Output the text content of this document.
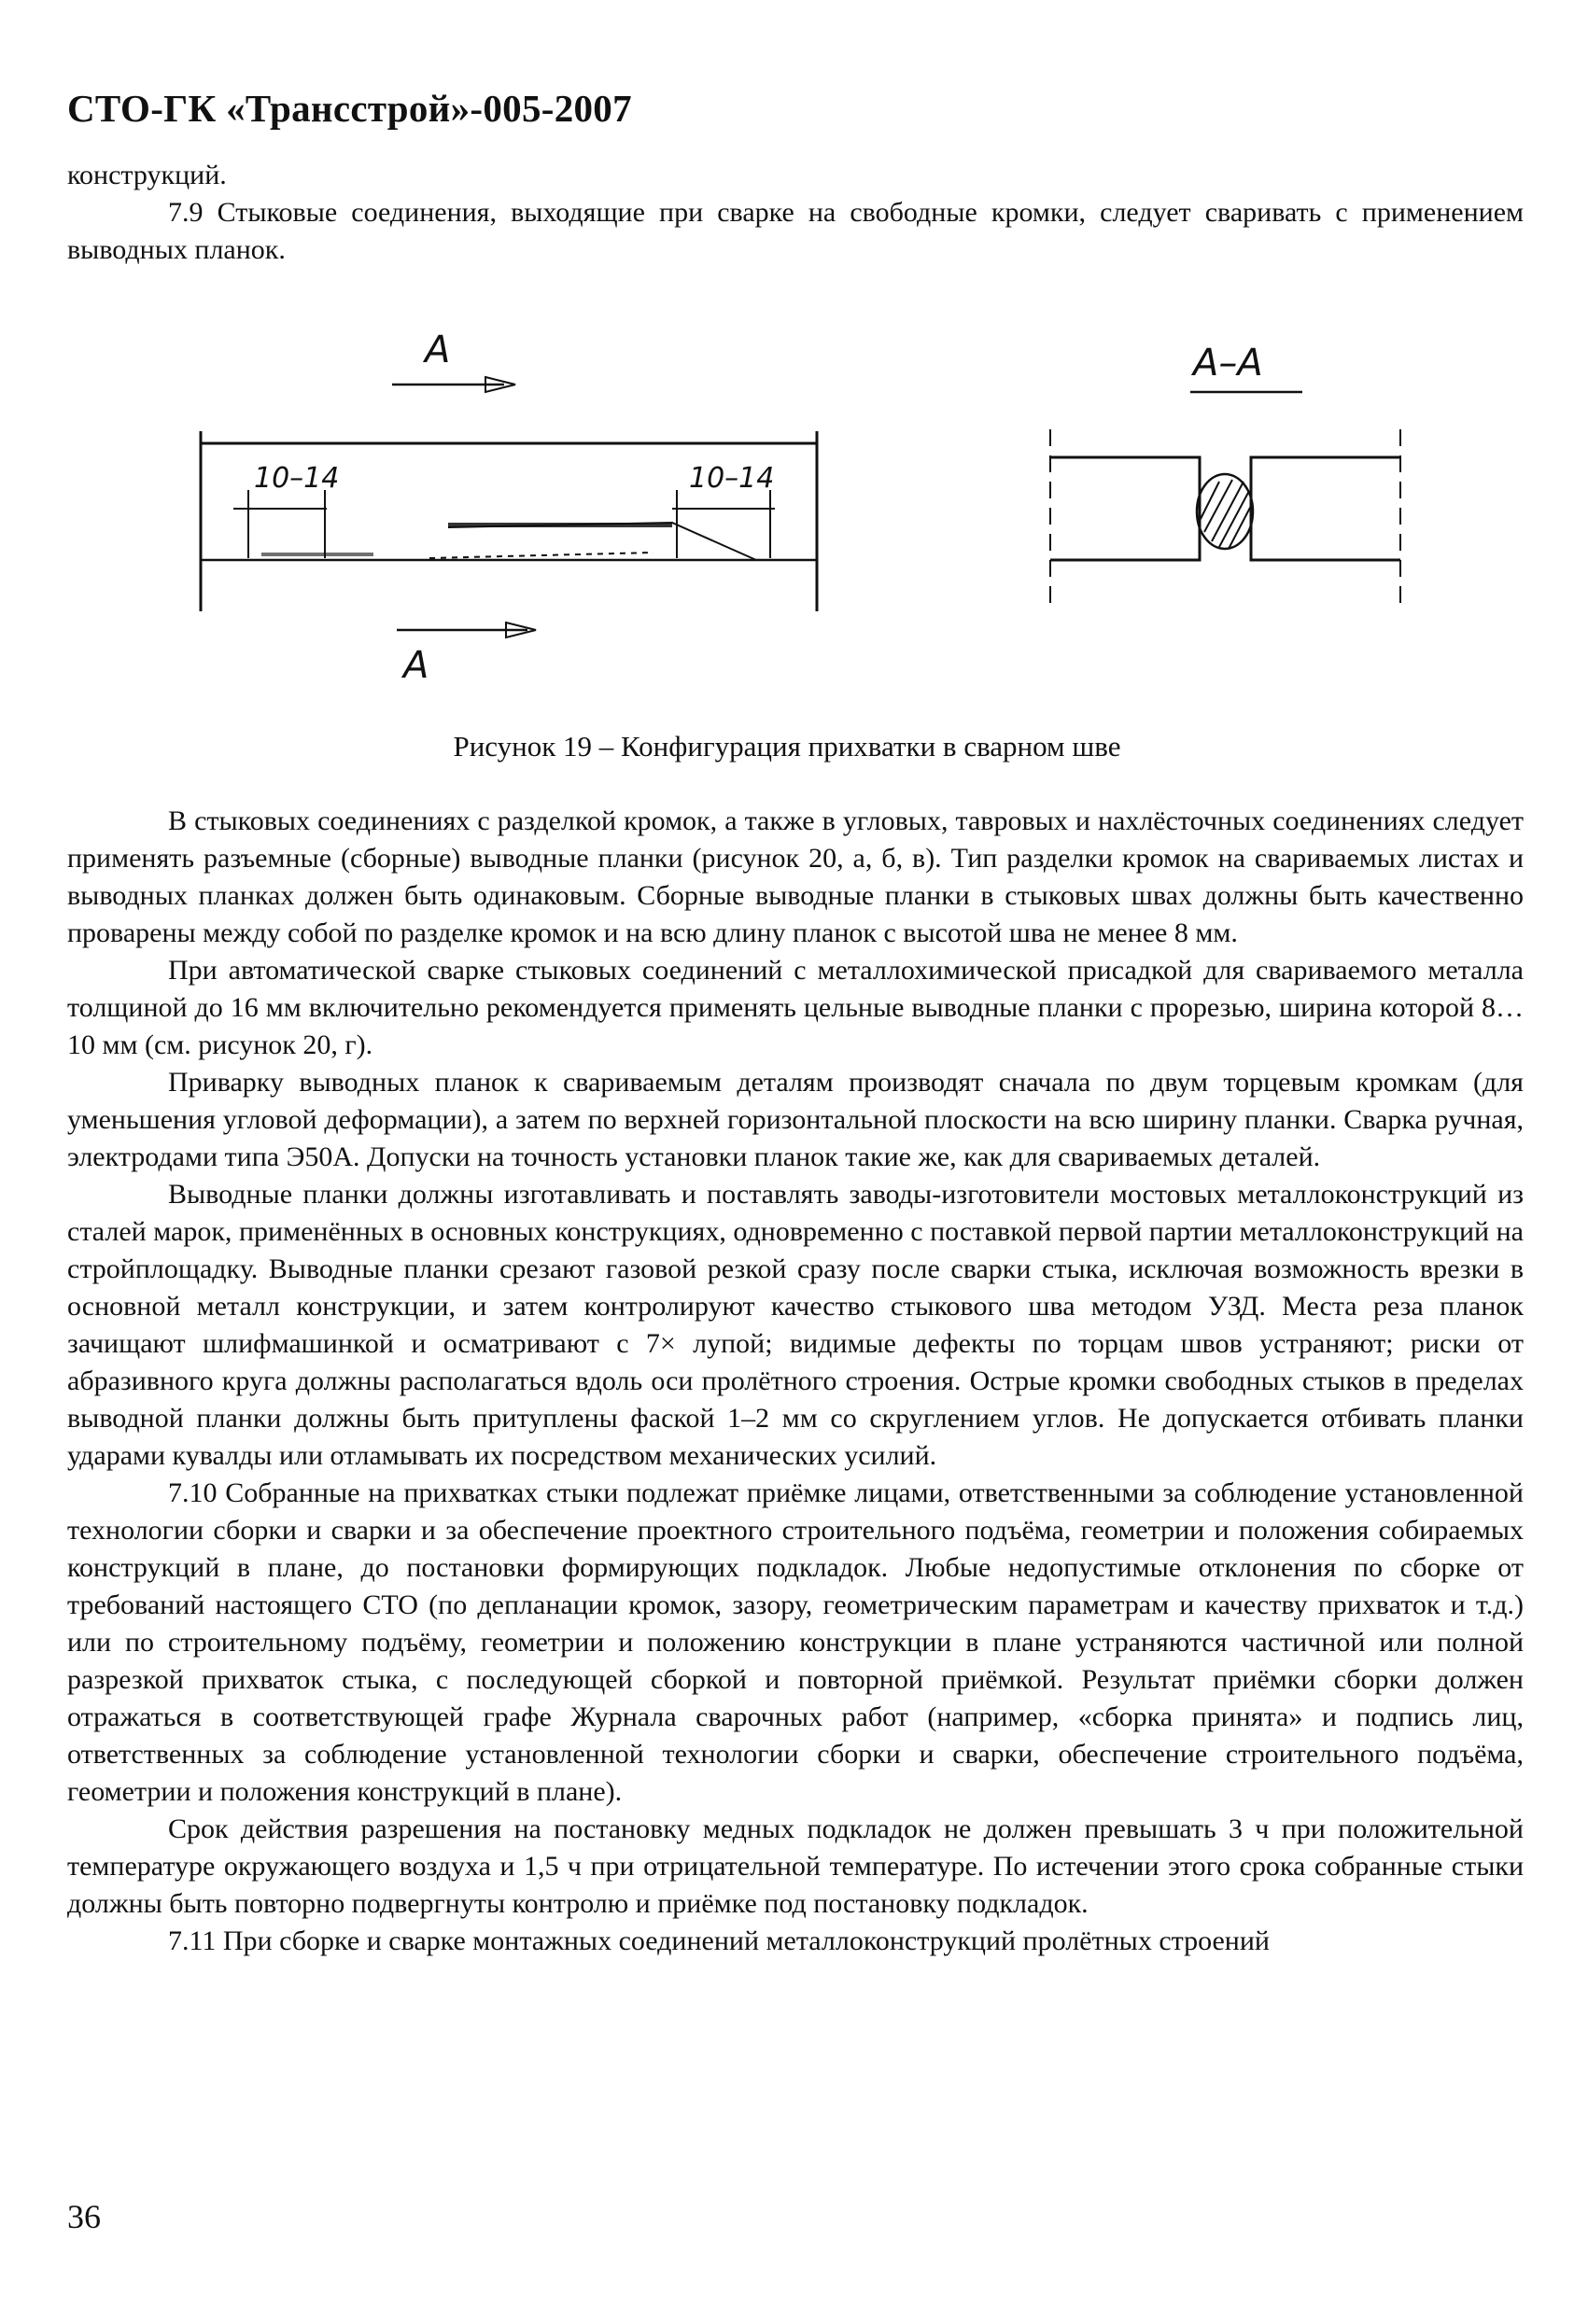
СТО-ГК «Трансстрой»-005-2007

конструкций.

7.9 Стыковые соединения, выходящие при сварке на свободные кромки, следует сваривать с применением выводных планок.

A
A
A–A
10–14	10–14
Рисунок 19 – Конфигурация прихватки в сварном шве

В стыковых соединениях с разделкой кромок, а также в угловых, тавровых и нахлёсточных соединениях следует применять разъемные (сборные) выводные планки (рисунок 20, а, б, в). Тип разделки кромок на свариваемых листах и выводных планках должен быть одинаковым. Сборные выводные планки в стыковых швах должны быть качественно проварены между собой по разделке кромок и на всю длину планок с высотой шва не менее 8 мм.

При автоматической сварке стыковых соединений с металлохимической присадкой для свариваемого металла толщиной до 16 мм включительно рекомендуется применять цельные выводные планки с прорезью, ширина которой 8…10 мм (см. рисунок 20, г).

Приварку выводных планок к свариваемым деталям производят сначала по двум торцевым кромкам (для уменьшения угловой деформации), а затем по верхней горизонтальной плоскости на всю ширину планки. Сварка ручная, электродами типа Э50А. Допуски на точность установки планок такие же, как для свариваемых деталей.

Выводные планки должны изготавливать и поставлять заводы-изготовители мостовых металлоконструкций из сталей марок, применённых в основных конструкциях, одновременно с поставкой первой партии металлоконструкций на стройплощадку. Выводные планки срезают газовой резкой сразу после сварки стыка, исключая возможность врезки в основной металл конструкции, и затем контролируют качество стыкового шва методом УЗД. Места реза планок зачищают шлифмашинкой и осматривают с 7× лупой; видимые дефекты по торцам швов устраняют; риски от абразивного круга должны располагаться вдоль оси пролётного строения. Острые кромки свободных стыков в пределах выводной планки должны быть притуплены фаской 1–2 мм со скруглением углов. Не допускается отбивать планки ударами кувалды или отламывать их посредством механических усилий.

7.10 Собранные на прихватках стыки подлежат приёмке лицами, ответственными за соблюдение установленной технологии сборки и сварки и за обеспечение проектного строительного подъёма, геометрии и положения собираемых конструкций в плане, до постановки формирующих подкладок. Любые недопустимые отклонения по сборке от требований настоящего СТО (по депланации кромок, зазору, геометрическим параметрам и качеству прихваток и т.д.) или по строительному подъёму, геометрии и положению конструкции в плане устраняются частичной или полной разрезкой прихваток стыка, с последующей сборкой и повторной приёмкой. Результат приёмки сборки должен отражаться в соответствующей графе Журнала сварочных работ (например, «сборка принята» и подпись лиц, ответственных за соблюдение установленной технологии сборки и сварки, обеспечение строительного подъёма, геометрии и положения конструкций в плане).

Срок действия разрешения на постановку медных подкладок не должен превышать 3 ч при положительной температуре окружающего воздуха и 1,5 ч при отрицательной температуре. По истечении этого срока собранные стыки должны быть повторно подвергнуты контролю и приёмке под постановку подкладок.

7.11 При сборке и сварке монтажных соединений металлоконструкций пролётных строений

36
